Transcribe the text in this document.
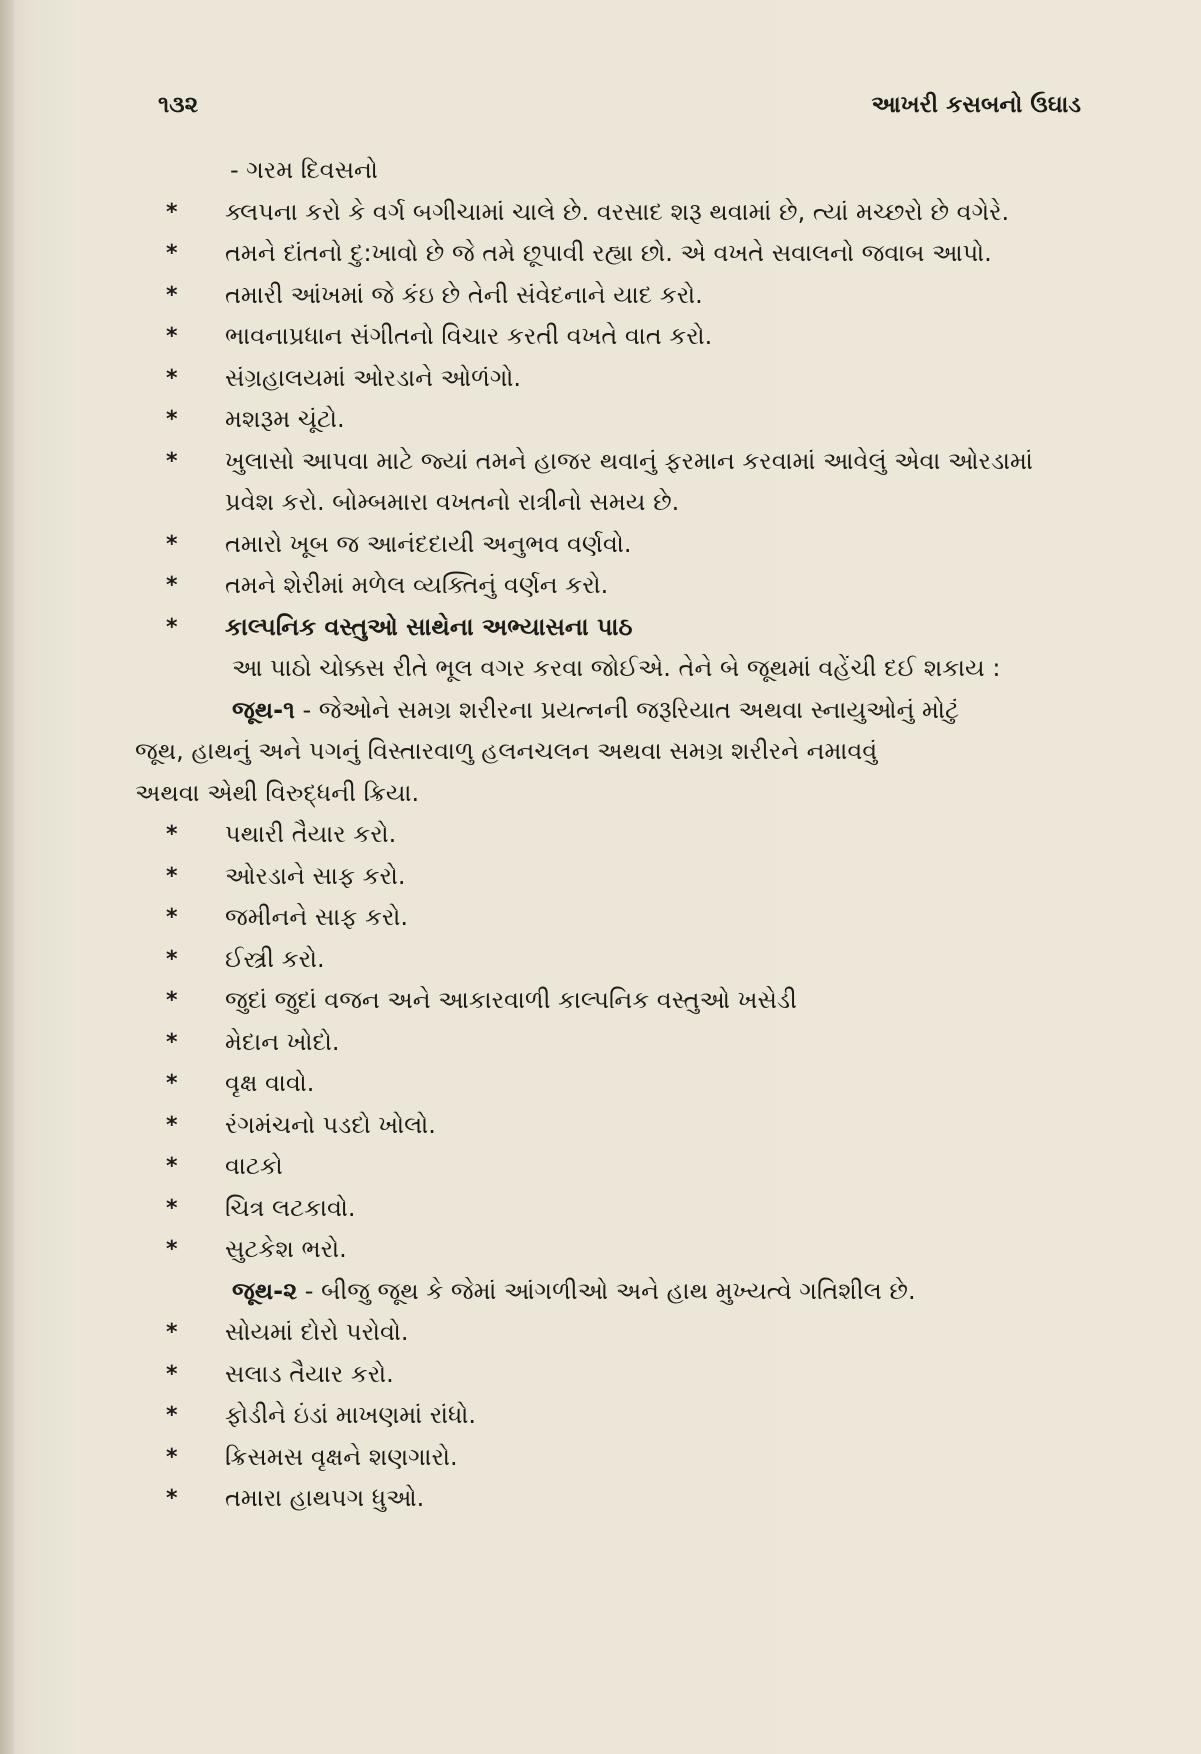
૧૩૨	આખરી કસબનો ઉઘાડ
- ગરમ દિવસનો
* ક્લપના કરો કે વર્ગ બગીચામાં ચાલે છે. વરસાદ શરૂ થવામાં છે, ત્યાં મચ્છરો છે વગેરે.
* તમને દાંતનો દુ:ખાવો છે જે તમે છૂપાવી રહ્યા છો. એ વખતે સવાલનો જવાબ આપો.
* તમારી આંખમાં જે કંઇ છે તેની સંવેદનાને યાદ કરો.
* ભાવનાપ્રધાન સંગીતનો વિચાર કરતી વખતે વાત કરો.
* સંગ્રહાલયમાં ઓરડાને ઓળંગો.
* મશરૂમ ચૂંટો.
* ખુલાસો આપવા માટે જ્યાં તમને હાજર થવાનું ફરમાન કરવામાં આવેલું એવા ઓરડામાં પ્રવેશ કરો. બોમ્બમારા વખતનો રાત્રીનો સમય છે.
* તમારો ખૂબ જ આનંદદાયી અનુભવ વર્ણવો.
* તમને શેરીમાં મળેલ વ્યક્તિનું વર્ણન કરો.
* કાલ્પનિક વસ્તુઓ સાથેના અભ્યાસના પાઠ
આ પાઠો ચોક્કસ રીતે ભૂલ વગર કરવા જોઈએ. તેને બે જૂથમાં વહેંચી દઈ શકાય :
જૂથ-૧ - જેઓને સમગ્ર શરીરના પ્રયત્નની જરૂરિયાત અથવા સ્નાયુઓનું મોટું
જૂથ, હાથનું અને પગનું વિસ્તારવાળુ હલનચલન અથવા સમગ્ર શરીરને નમાવવું
અથવા એથી વિરુદ્ધની ક્રિયા.
* પથારી તૈયાર કરો.
* ઓરડાને સાફ કરો.
* જમીનને સાફ કરો.
* ઈસ્ત્રી કરો.
* જુદાં જુદાં વજન અને આકારવાળી કાલ્પનિક વસ્તુઓ ખસેડી
* મેદાન ખોદો.
* વૃક્ષ વાવો.
* રંગમંચનો પડદો ખોલો.
* વાટકો
* ચિત્ર લટકાવો.
* સુટકેશ ભરો.
જૂથ-૨ - બીજુ જૂથ કે જેમાં આંગળીઓ અને હાથ મુખ્યત્વે ગતિશીલ છે.
* સોયમાં દોરો પરોવો.
* સલાડ તૈયાર કરો.
* ફોડીને ઇંડાં માખણમાં રાંધો.
* ક્રિસમસ વૃક્ષને શણગારો.
* તમારા હાથપગ ધુઓ.
